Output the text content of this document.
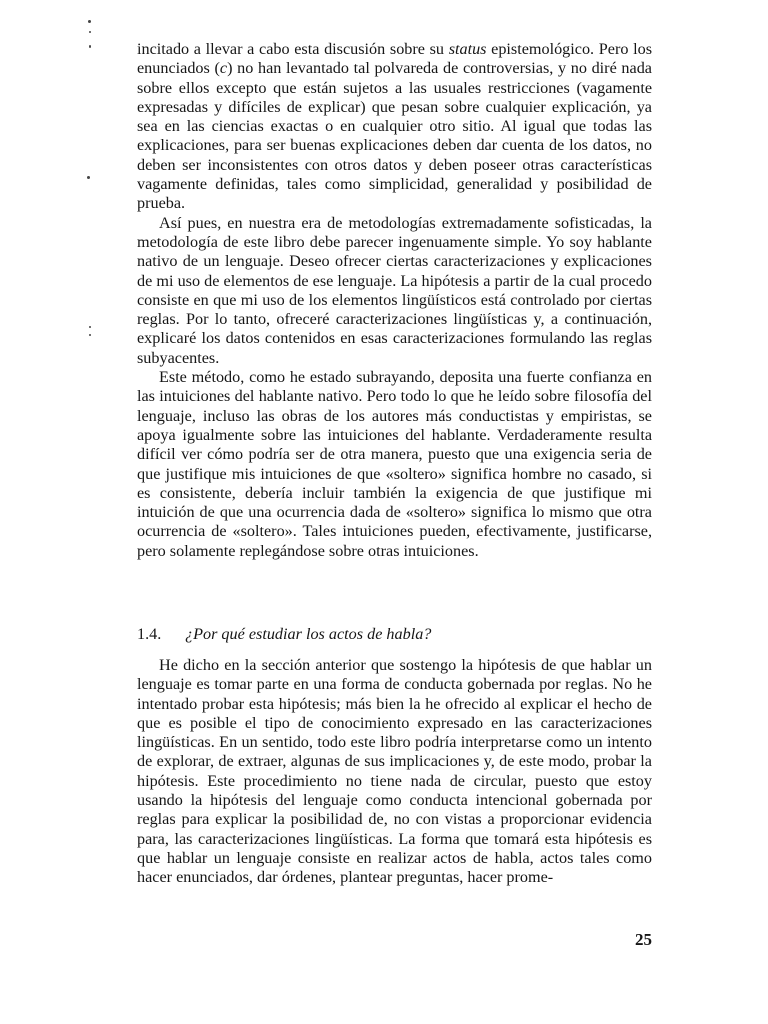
incitado a llevar a cabo esta discusión sobre su status epistemológico. Pero los enunciados (c) no han levantado tal polvareda de controversias, y no diré nada sobre ellos excepto que están sujetos a las usuales restricciones (vagamente expresadas y difíciles de explicar) que pesan sobre cualquier explicación, ya sea en las ciencias exactas o en cualquier otro sitio. Al igual que todas las explicaciones, para ser buenas explicaciones deben dar cuenta de los datos, no deben ser inconsistentes con otros datos y deben poseer otras características vagamente definidas, tales como simplicidad, generalidad y posibilidad de prueba.

Así pues, en nuestra era de metodologías extremadamente sofisticadas, la metodología de este libro debe parecer ingenuamente simple. Yo soy hablante nativo de un lenguaje. Deseo ofrecer ciertas caracterizaciones y explicaciones de mi uso de elementos de ese lenguaje. La hipótesis a partir de la cual procedo consiste en que mi uso de los elementos lingüísticos está controlado por ciertas reglas. Por lo tanto, ofreceré caracterizaciones lingüísticas y, a continuación, explicaré los datos contenidos en esas caracterizaciones formulando las reglas subyacentes.

Este método, como he estado subrayando, deposita una fuerte confianza en las intuiciones del hablante nativo. Pero todo lo que he leído sobre filosofía del lenguaje, incluso las obras de los autores más conductistas y empiristas, se apoya igualmente sobre las intuiciones del hablante. Verdaderamente resulta difícil ver cómo podría ser de otra manera, puesto que una exigencia seria de que justifique mis intuiciones de que «soltero» significa hombre no casado, si es consistente, debería incluir también la exigencia de que justifique mi intuición de que una ocurrencia dada de «soltero» significa lo mismo que otra ocurrencia de «soltero». Tales intuiciones pueden, efectivamente, justificarse, pero solamente replegándose sobre otras intuiciones.

1.4. ¿Por qué estudiar los actos de habla?

He dicho en la sección anterior que sostengo la hipótesis de que hablar un lenguaje es tomar parte en una forma de conducta gobernada por reglas. No he intentado probar esta hipótesis; más bien la he ofrecido al explicar el hecho de que es posible el tipo de conocimiento expresado en las caracterizaciones lingüísticas. En un sentido, todo este libro podría interpretarse como un intento de explorar, de extraer, algunas de sus implicaciones y, de este modo, probar la hipótesis. Este procedimiento no tiene nada de circular, puesto que estoy usando la hipótesis del lenguaje como conducta intencional gobernada por reglas para explicar la posibilidad de, no con vistas a proporcionar evidencia para, las caracterizaciones lingüísticas. La forma que tomará esta hipótesis es que hablar un lenguaje consiste en realizar actos de habla, actos tales como hacer enunciados, dar órdenes, plantear preguntas, hacer prome-

25
